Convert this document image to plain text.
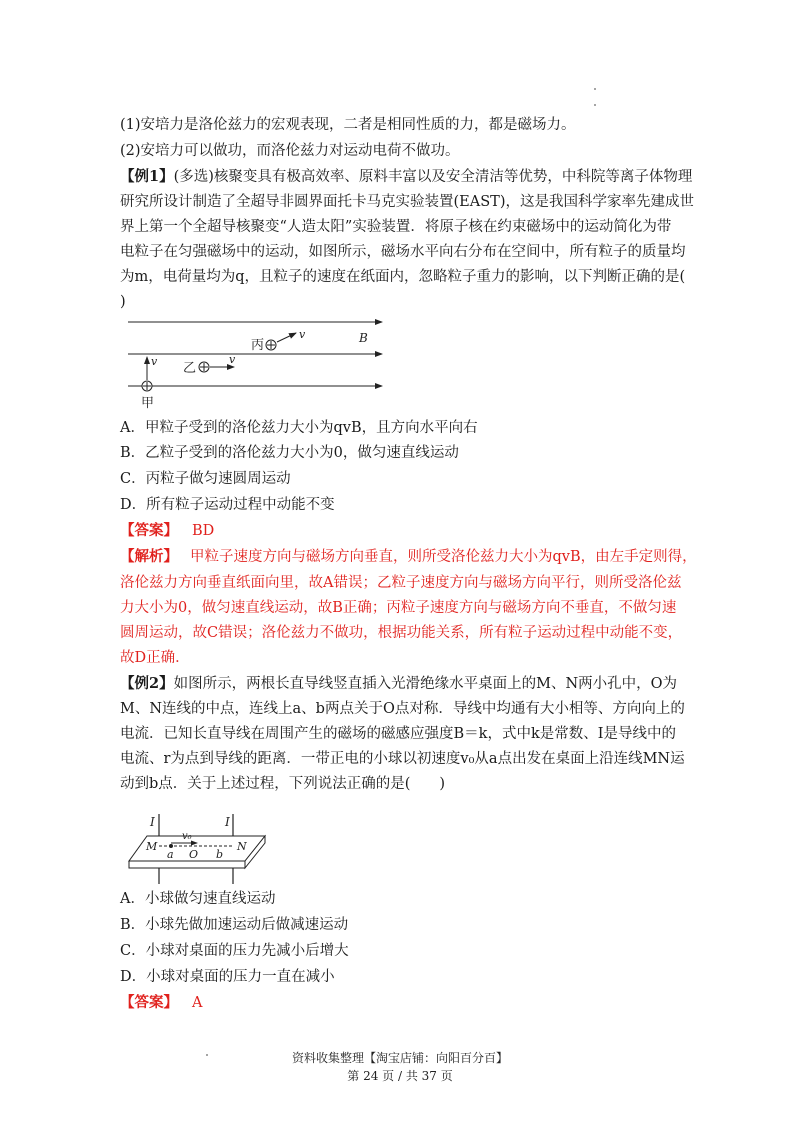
(1)安培力是洛伦兹力的宏观表现，二者是相同性质的力，都是磁场力。
(2)安培力可以做功，而洛伦兹力对运动电荷不做功。
【例1】(多选)核聚变具有极高效率、原料丰富以及安全清洁等优势，中科院等离子体物理
研究所设计制造了全超导非圆界面托卡马克实验装置(EAST)，这是我国科学家率先建成世
界上第一个全超导核聚变“人造太阳”实验装置．将原子核在约束磁场中的运动简化为带
电粒子在匀强磁场中的运动，如图所示，磁场水平向右分布在空间中，所有粒子的质量均
为m，电荷量均为q，且粒子的速度在纸面内，忽略粒子重力的影响，以下判断正确的是(
)
丙
v	B
乙
v
v
甲
A．甲粒子受到的洛伦兹力大小为qvB，且方向水平向右
B．乙粒子受到的洛伦兹力大小为0，做匀速直线运动
C．丙粒子做匀速圆周运动
D．所有粒子运动过程中动能不变
【答案】 BD
【解析】 甲粒子速度方向与磁场方向垂直，则所受洛伦兹力大小为qvB，由左手定则得，
洛伦兹力方向垂直纸面向里，故A错误；乙粒子速度方向与磁场方向平行，则所受洛伦兹
力大小为0，做匀速直线运动，故B正确；丙粒子速度方向与磁场方向不垂直，不做匀速
圆周运动，故C错误；洛伦兹力不做功，根据功能关系，所有粒子运动过程中动能不变，
故D正确．
【例2】如图所示，两根长直导线竖直插入光滑绝缘水平桌面上的M、N两小孔中，O为
M、N连线的中点，连线上a、b两点关于O点对称．导线中均通有大小相等、方向向上的
电流．已知长直导线在周围产生的磁场的磁感应强度B＝k，式中k是常数、I是导线中的
电流、r为点到导线的距离．一带正电的小球以初速度v₀从a点出发在桌面上沿连线MN运
动到b点．关于上述过程，下列说法正确的是(　　)
I	I
M	N
v₀
a O b
A．小球做匀速直线运动
B．小球先做加速运动后做减速运动
C．小球对桌面的压力先减小后增大
D．小球对桌面的压力一直在减小
【答案】 A
资料收集整理【淘宝店铺：向阳百分百】
第 24 页 / 共 37 页
